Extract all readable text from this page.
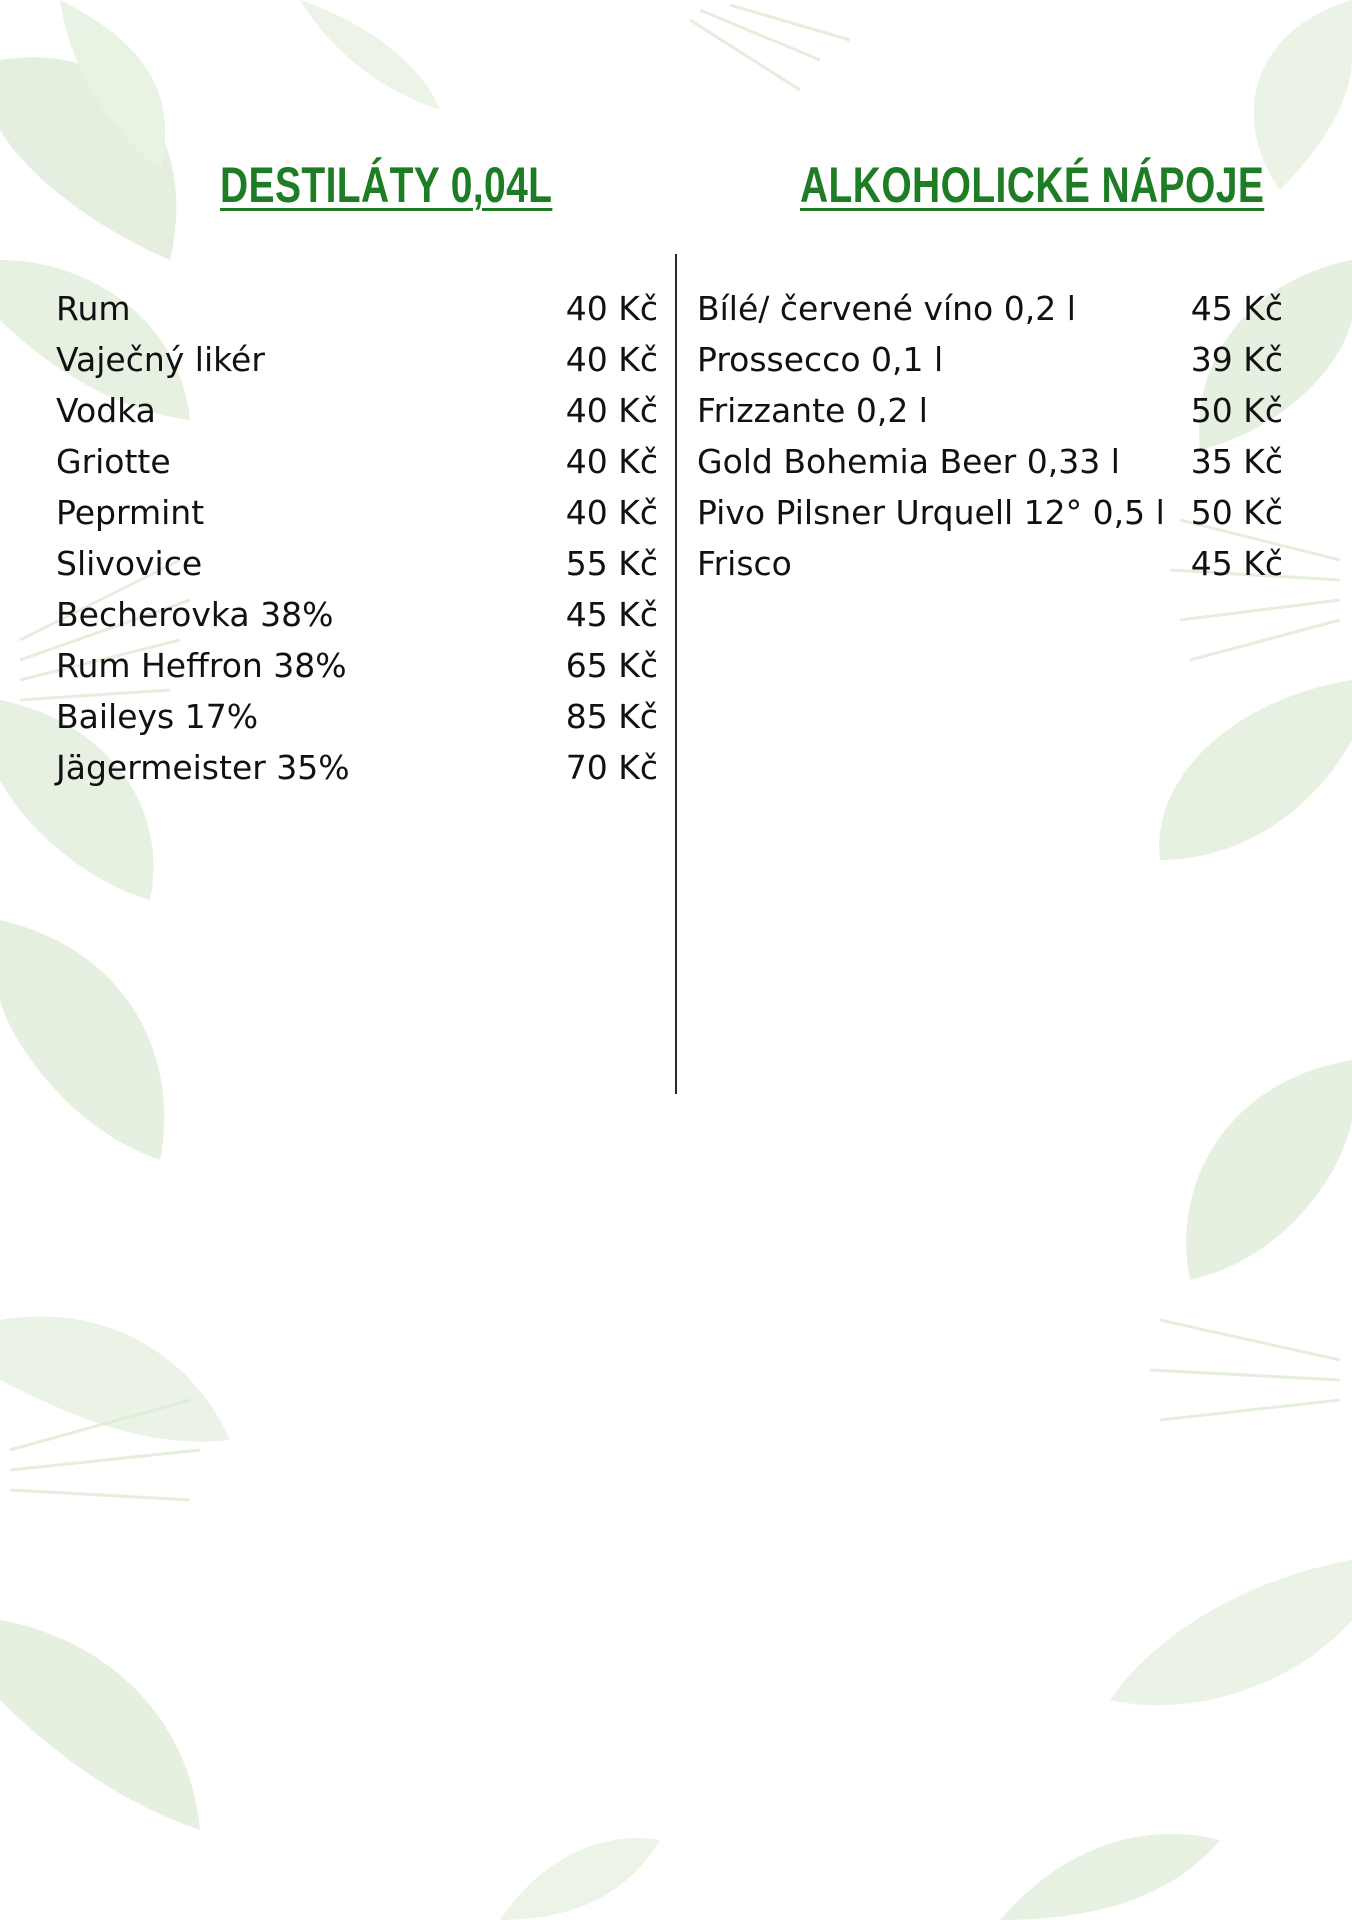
DESTILÁTY 0,04L	ALKOHOLICKÉ NÁPOJE
Rum	40 Kč
Vaječný likér	40 Kč
Vodka	40 Kč
Griotte	40 Kč
Peprmint	40 Kč
Slivovice	55 Kč
Becherovka 38%	45 Kč
Rum Heffron 38%	65 Kč
Baileys 17%	85 Kč
Jägermeister 35%	70 Kč
Bílé/ červené víno 0,2 l	45 Kč
Prossecco 0,1 l	39 Kč
Frizzante 0,2 l	50 Kč
Gold Bohemia Beer 0,33 l 35 Kč
Pivo Pilsner Urquell 12° 0,5 l 50 Kč
Frisco	45 Kč
